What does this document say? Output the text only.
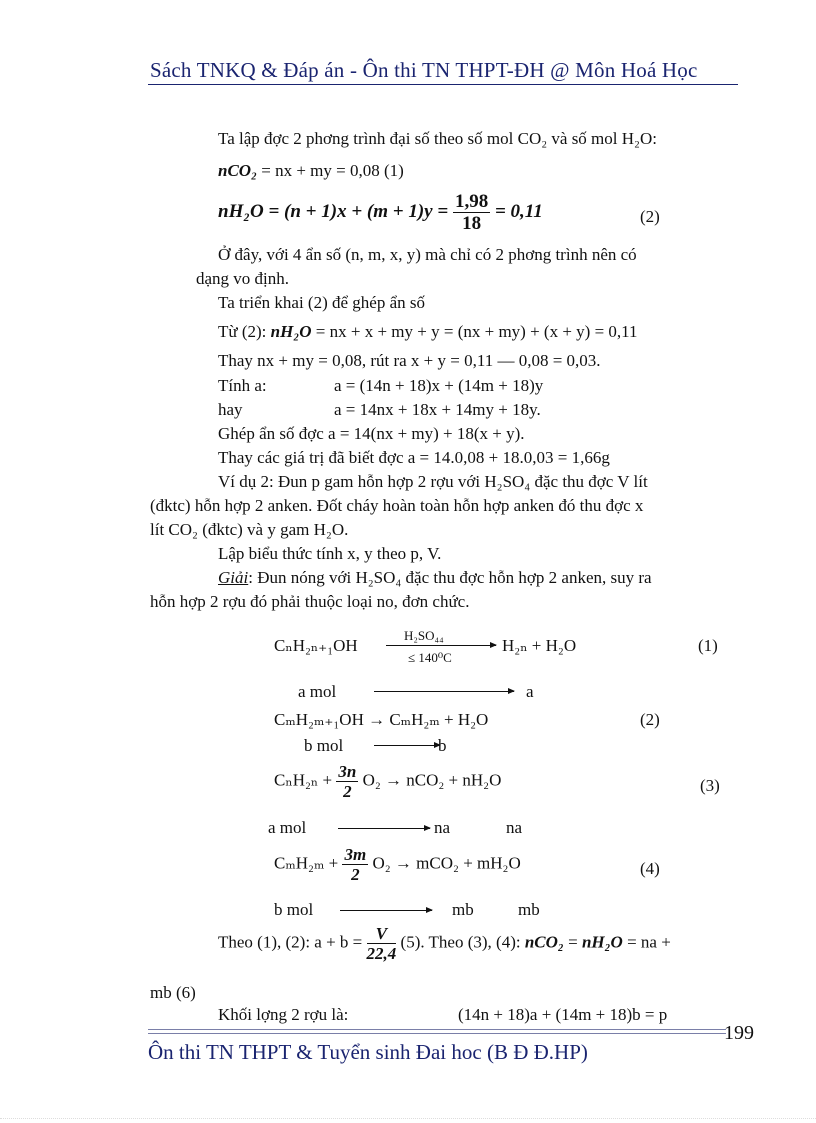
Sách TNKQ & Đáp án - Ôn thi TN THPT-ĐH @ Môn Hoá Học
Ta lập đợc 2 phơng trình đại số theo số mol CO₂ và số mol H₂O:
nCO₂ = nx + my = 0,08 (1)
$nH_2O = (n + 1)x + (m + 1)y = \frac{1,98}{18} = 0,11$	(2)
Ở đây, với 4 ẩn số (n, m, x, y) mà chỉ có 2 phơng trình nên có
dạng vo định.
Ta triển khai (2) để ghép ẩn số
Từ (2): nH₂O = nx + x + my + y = (nx + my) + (x + y) = 0,11
Thay nx + my = 0,08, rút ra x + y = 0,11 — 0,08 = 0,03.
Tính a:	a = (14n + 18)x + (14m + 18)y
hay	a = 14nx + 18x + 14my + 18y.
Ghép ẩn số đợc a = 14(nx + my) + 18(x + y).
Thay các giá trị đã biết đợc a = 14.0,08 + 18.0,03 = 1,66g
Ví dụ 2: Đun p gam hỗn hợp 2 rợu với H₂SO₄ đặc thu đợc V lít
(đktc) hỗn hợp 2 anken. Đốt cháy hoàn toàn hỗn hợp anken đó thu đợc x
lít CO₂ (đktc) và y gam H₂O.
Lập biểu thức tính x, y theo p, V.
Giải: Đun nóng với H₂SO₄ đặc thu đợc hỗn hợp 2 anken, suy ra
hỗn hợp 2 rợu đó phải thuộc loại no, đơn chức.
CₙH₂ₙ₊₁OH
H₂SO₄₄
≤ 140⁰C
H₂ₙ + H₂O	(1)
a mol	a
CₘH₂ₘ₊₁OH → CₘH₂ₘ + H₂O	(2)
b mol	b
$C_nH_{2n} + \frac{3n}{2} O_2 \to nCO_2 + nH_2O$	(3)
a mol	na	na
$C_mH_{2m} + \frac{3m}{2} O_2 \to mCO_2 + mH_2O$	(4)
b mol	mb	mb
Theo (1), (2): $a + b = \frac{V}{22,4} (5)$. Theo (3), (4): nCO₂ = nH₂O = na +
mb (6)
Khối lợng 2 rợu là:	(14n + 18)a + (14m + 18)b = p
199
Ôn thi TN THPT & Tuyển sinh Đai hoc (B Đ Đ.HP)
